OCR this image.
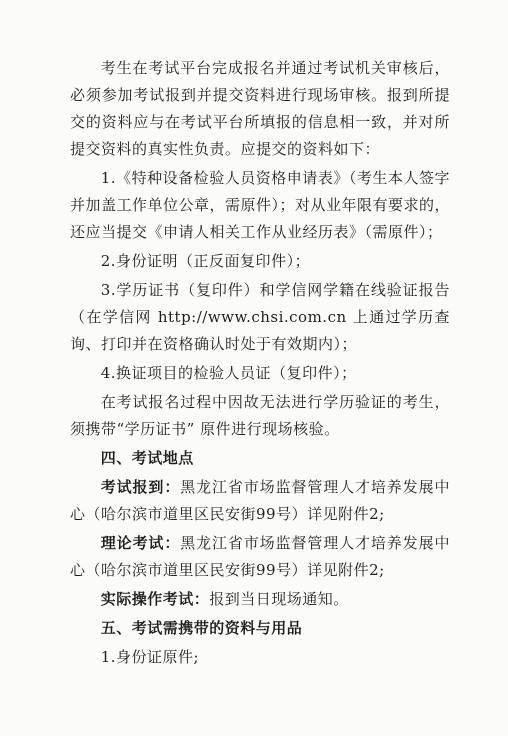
考生在考试平台完成报名并通过考试机关审核后，必须参加考试报到并提交资料进行现场审核。报到所提交的资料应与在考试平台所填报的信息相一致，并对所提交资料的真实性负责。应提交的资料如下：

1.《特种设备检验人员资格申请表》（考生本人签字并加盖工作单位公章，需原件）；对从业年限有要求的，还应当提交《申请人相关工作从业经历表》（需原件）；

2.身份证明（正反面复印件）；

3.学历证书（复印件）和学信网学籍在线验证报告（在学信网 http://www.chsi.com.cn 上通过学历查询、打印并在资格确认时处于有效期内）；

4.换证项目的检验人员证（复印件）；

在考试报名过程中因故无法进行学历验证的考生，须携带“学历证书” 原件进行现场核验。

四、考试地点

考试报到：黑龙江省市场监督管理人才培养发展中心（哈尔滨市道里区民安街99号）详见附件2;

理论考试：黑龙江省市场监督管理人才培养发展中心（哈尔滨市道里区民安街99号）详见附件2;

实际操作考试：报到当日现场通知。

五、考试需携带的资料与用品

1.身份证原件;
